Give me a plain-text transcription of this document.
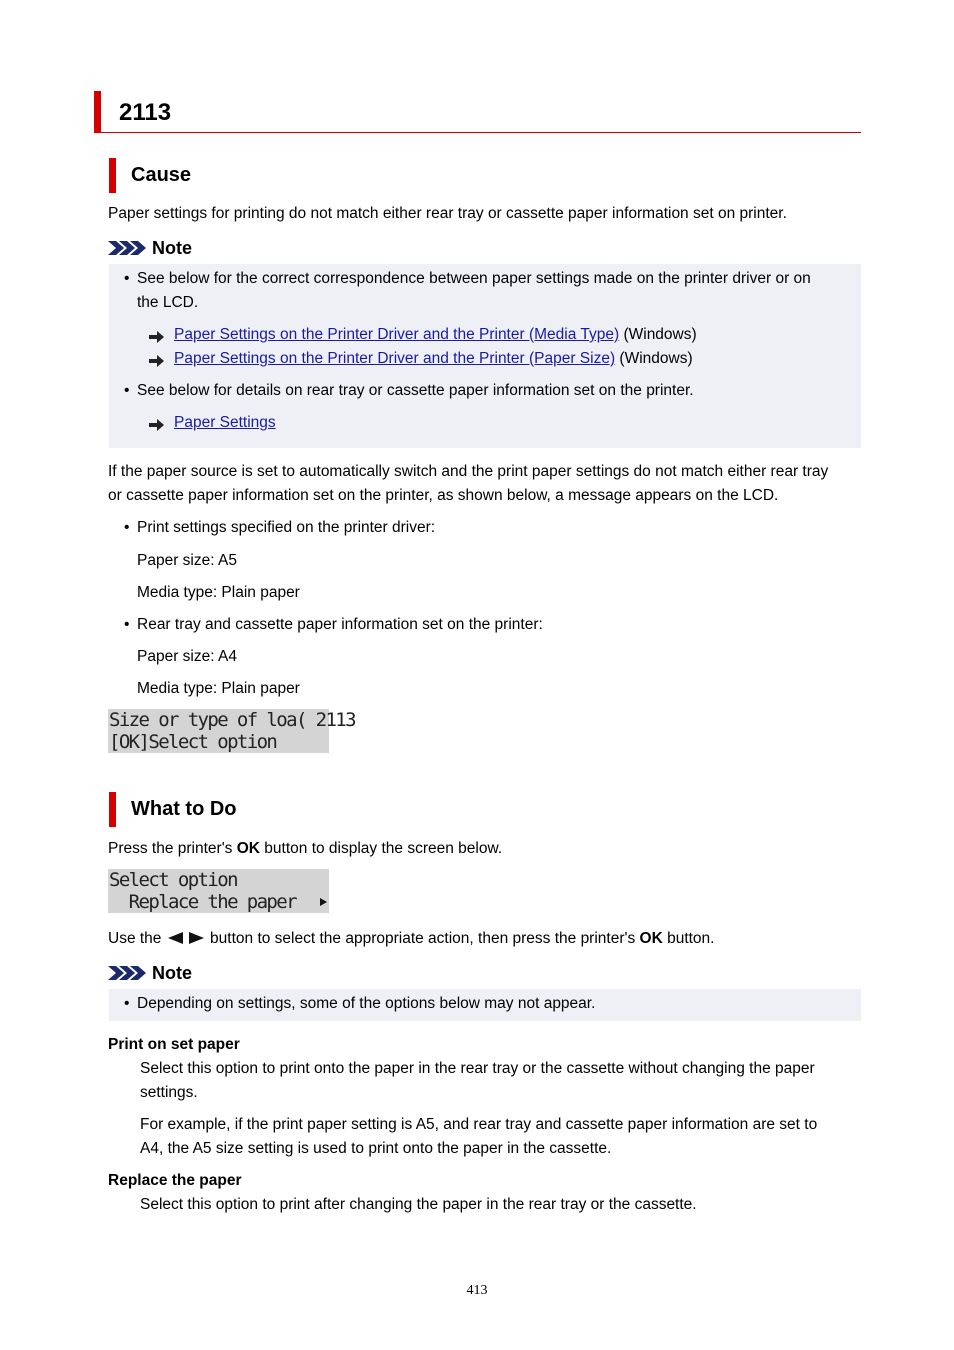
2113
Cause
Paper settings for printing do not match either rear tray or cassette paper information set on printer.
Note
• See below for the correct correspondence between paper settings made on the printer driver or on
the LCD.
Paper Settings on the Printer Driver and the Printer (Media Type) (Windows)
Paper Settings on the Printer Driver and the Printer (Paper Size) (Windows)
• See below for details on rear tray or cassette paper information set on the printer.
Paper Settings
If the paper source is set to automatically switch and the print paper settings do not match either rear tray
or cassette paper information set on the printer, as shown below, a message appears on the LCD.
• Print settings specified on the printer driver:
Paper size: A5
Media type: Plain paper
• Rear tray and cassette paper information set on the printer:
Paper size: A4
Media type: Plain paper
Size or type of loa( 2113
[OK]Select option
What to Do
Press the printer's OK button to display the screen below.
Select option
Replace the paper
Use the	button to select the appropriate action, then press the printer's OK button.
Note
• Depending on settings, some of the options below may not appear.
Print on set paper
Select this option to print onto the paper in the rear tray or the cassette without changing the paper
settings.
For example, if the print paper setting is A5, and rear tray and cassette paper information are set to
A4, the A5 size setting is used to print onto the paper in the cassette.
Replace the paper
Select this option to print after changing the paper in the rear tray or the cassette.
413
